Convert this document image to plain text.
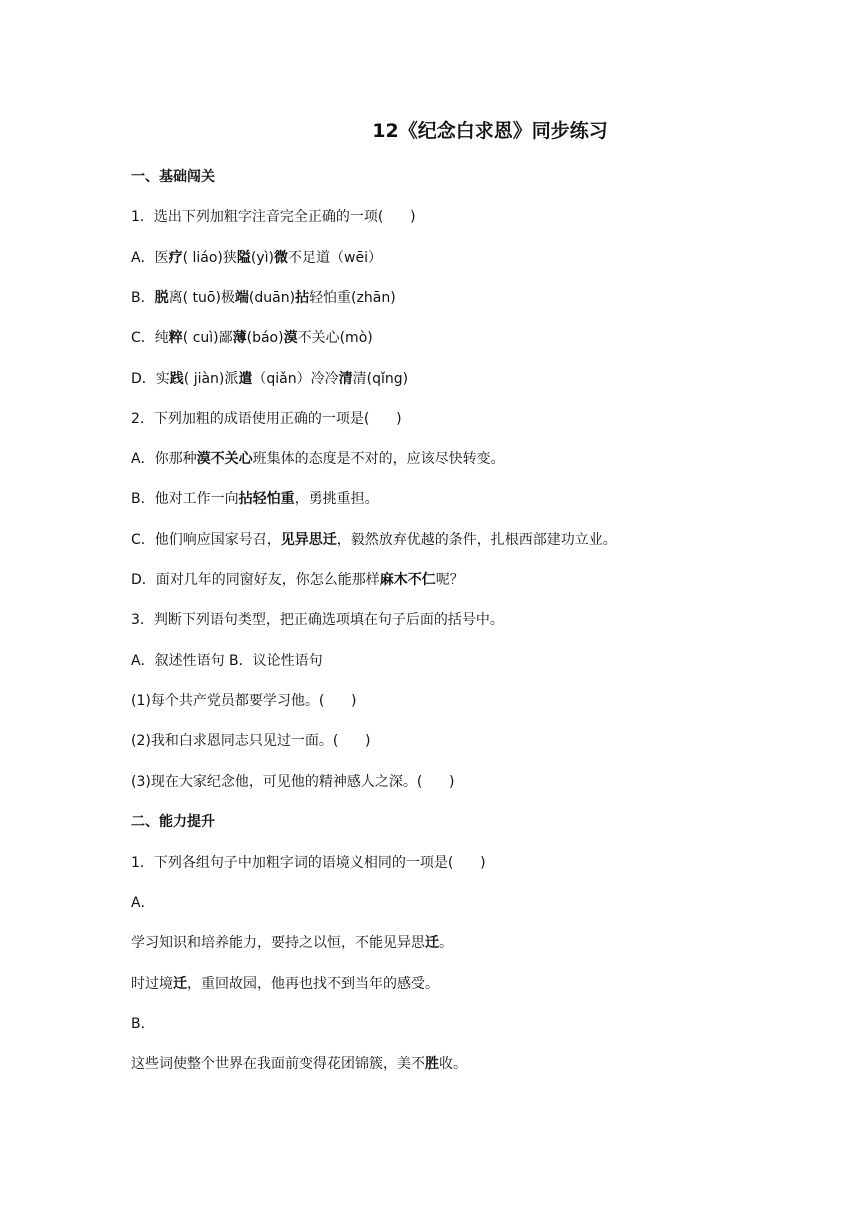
12《纪念白求恩》同步练习
一、基础闯关
1．选出下列加粗字注音完全正确的一项(      )
A．医疗( liáo)狭隘(yì)微不足道（wēi）
B．脱离( tuō)极端(duān)拈轻怕重(zhān)
C．纯粹( cuì)鄙薄(báo)漠不关心(mò)
D．实践( jiàn)派遣（qiǎn）冷冷清清(qǐng)
2．下列加粗的成语使用正确的一项是(      )
A．你那种漠不关心班集体的态度是不对的，应该尽快转变。
B．他对工作一向拈轻怕重，勇挑重担。
C．他们响应国家号召，见异思迁，毅然放弃优越的条件，扎根西部建功立业。
D．面对几年的同窗好友，你怎么能那样麻木不仁呢？
3．判断下列语句类型，把正确选项填在句子后面的括号中。
A．叙述性语句 B．议论性语句
(1)每个共产党员都要学习他。(      )
(2)我和白求恩同志只见过一面。(      )
(3)现在大家纪念他，可见他的精神感人之深。(      )
二、能力提升
1．下列各组句子中加粗字词的语境义相同的一项是(      )
A．
学习知识和培养能力，要持之以恒，不能见异思迁。
时过境迁，重回故园，他再也找不到当年的感受。
B．
这些词使整个世界在我面前变得花团锦簇，美不胜收。
